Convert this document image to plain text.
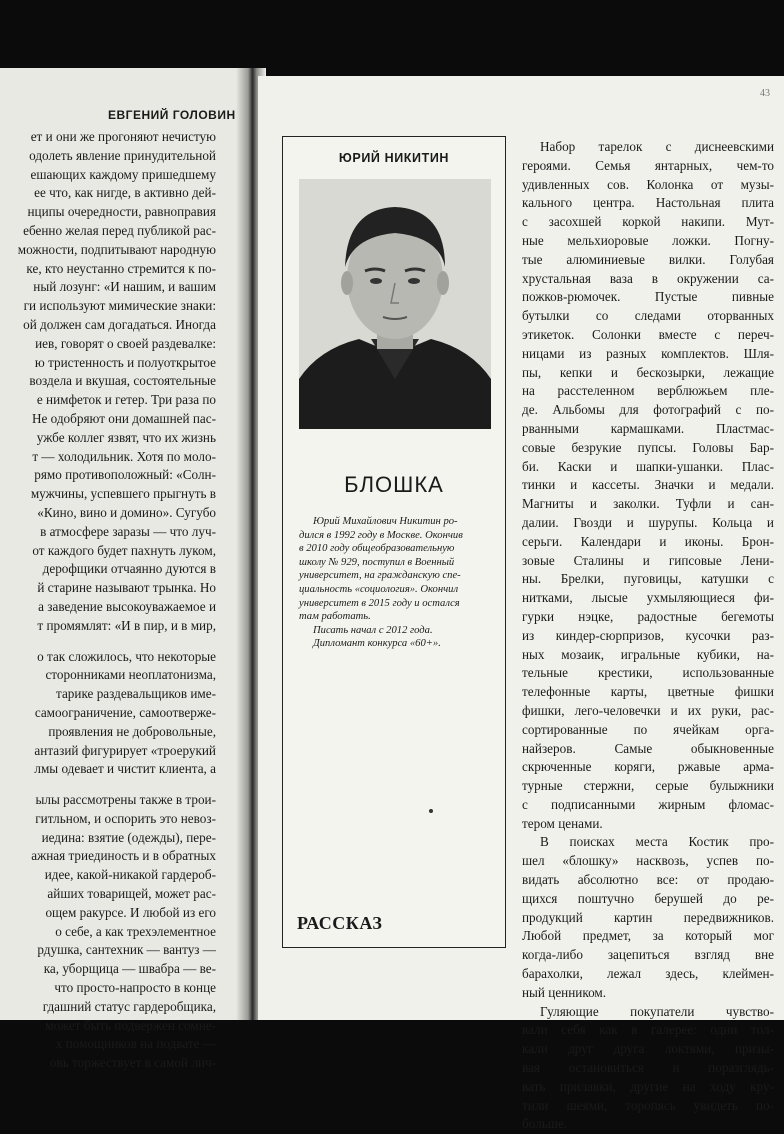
ЕВГЕНИЙ ГОЛОВИН
ет и они же прогоняют нечистую
одолеть явление принудительной
ешающих каждому пришедшему
ее что, как нигде, в активно дей-
нципы очередности, равноправия
ебенно желая перед публикой рас-
можности, подпитывают народную
ке, кто неустанно стремится к по-
ный лозунг: «И нашим, и вашим
ги используют мимические знаки:
ой должен сам догадаться. Иногда
иев, говорят о своей раздевалке:
ю тристенность и полуоткрытое
воздела и вкушая, состоятельные
е нимфеток и гетер. Три раза по
Не одобряют они домашней пас-
ужбе коллег язвят, что их жизнь
т — холодильник. Хотя по моло-
рямо противоположный: «Солн-
мужчины, успевшего прыгнуть в
«Кино, вино и домино». Сугубо
в атмосфере заразы — что луч-
от каждого будет пахнуть луком,
дерофщики отчаянно дуются в
й старине называют трынка. Но
а заведение высокоуважаемое и
т промямлят: «И в пир, и в мир,
о так сложилось, что некоторые
сторонниками неоплатонизма,
тарике раздевальщиков име-
самоограничение, самоотверже-
проявления не добровольные,
антазий фигурирует «троерукий
лмы одевает и чистит клиента, а
ылы рассмотрены также в трои-
гитльном, и оспорить это невоз-
иедина: взятие (одежды), пере-
ажная триединость и в обратных
идее, какой-никакой гардероб-
айших товарищей, может рас-
ощем ракурсе. И любой из его
о себе, а как трехэлементное
рдушка, сантехник — вантуз —
ка, уборщица — швабра — ве-
что просто-напросто в конце
гдашний статус гардеробщика,
может быть подвержен сомне-
х помощников на подвате —
овь торжествует в самой лич-
43
ЮРИЙ НИКИТИН
БЛОШКА
Юрий Михайлович Никитин ро-
дился в 1992 году в Москве. Окончив
в 2010 году общеобразовательную
школу № 929, поступил в Военный
университет, на гражданскую спе-
циальность «социология». Окончил
университет в 2015 году и остался
там работать.
Писать начал с 2012 года.
Дипломант конкурса «60+».
РАССКАЗ
Набор тарелок с диснеевскими
героями. Семья янтарных, чем-то
удивленных сов. Колонка от музы-
кального центра. Настольная плита
с засохшей коркой накипи. Мут-
ные мельхиоровые ложки. Погну-
тые алюминиевые вилки. Голубая
хрустальная ваза в окружении са-
пожков-рюмочек. Пустые пивные
бутылки со следами оторванных
этикеток. Солонки вместе с переч-
ницами из разных комплектов. Шля-
пы, кепки и бескозырки, лежащие
на расстеленном верблюжьем пле-
де. Альбомы для фотографий с по-
рванными кармашками. Пластмас-
совые безрукие пупсы. Головы Бар-
би. Каски и шапки-ушанки. Плас-
тинки и кассеты. Значки и медали.
Магниты и заколки. Туфли и сан-
далии. Гвозди и шурупы. Кольца и
серьги. Календари и иконы. Брон-
зовые Сталины и гипсовые Лени-
ны. Брелки, пуговицы, катушки с
нитками, лысые ухмыляющиеся фи-
гурки нэцке, радостные бегемоты
из киндер-сюрпризов, кусочки раз-
ных мозаик, игральные кубики, на-
тельные крестики, использованные
телефонные карты, цветные фишки
фишки, лего-человечки и их руки, рас-
сортированные по ячейкам орга-
найзеров. Самые обыкновенные
скрюченные коряги, ржавые арма-
турные стержни, серые булыжники
с подписанными жирным фломас-
тером ценами.
В поисках места Костик про-
шел «блошку» насквозь, успев по-
видать абсолютно все: от продаю-
щихся поштучно берушей до ре-
продукций картин передвижников.
Любой предмет, за который мог
когда-либо зацепиться взгляд вне
барахолки, лежал здесь, клеймен-
ный ценником.
Гуляющие покупатели чувство-
вали себя как в галерее: одни тол-
кали друг друга локтями, призы-
вая остановиться и поразглядь-
вать прилавки, другие на ходу кру-
тили шеями, торопясь увидеть по-
больше.
